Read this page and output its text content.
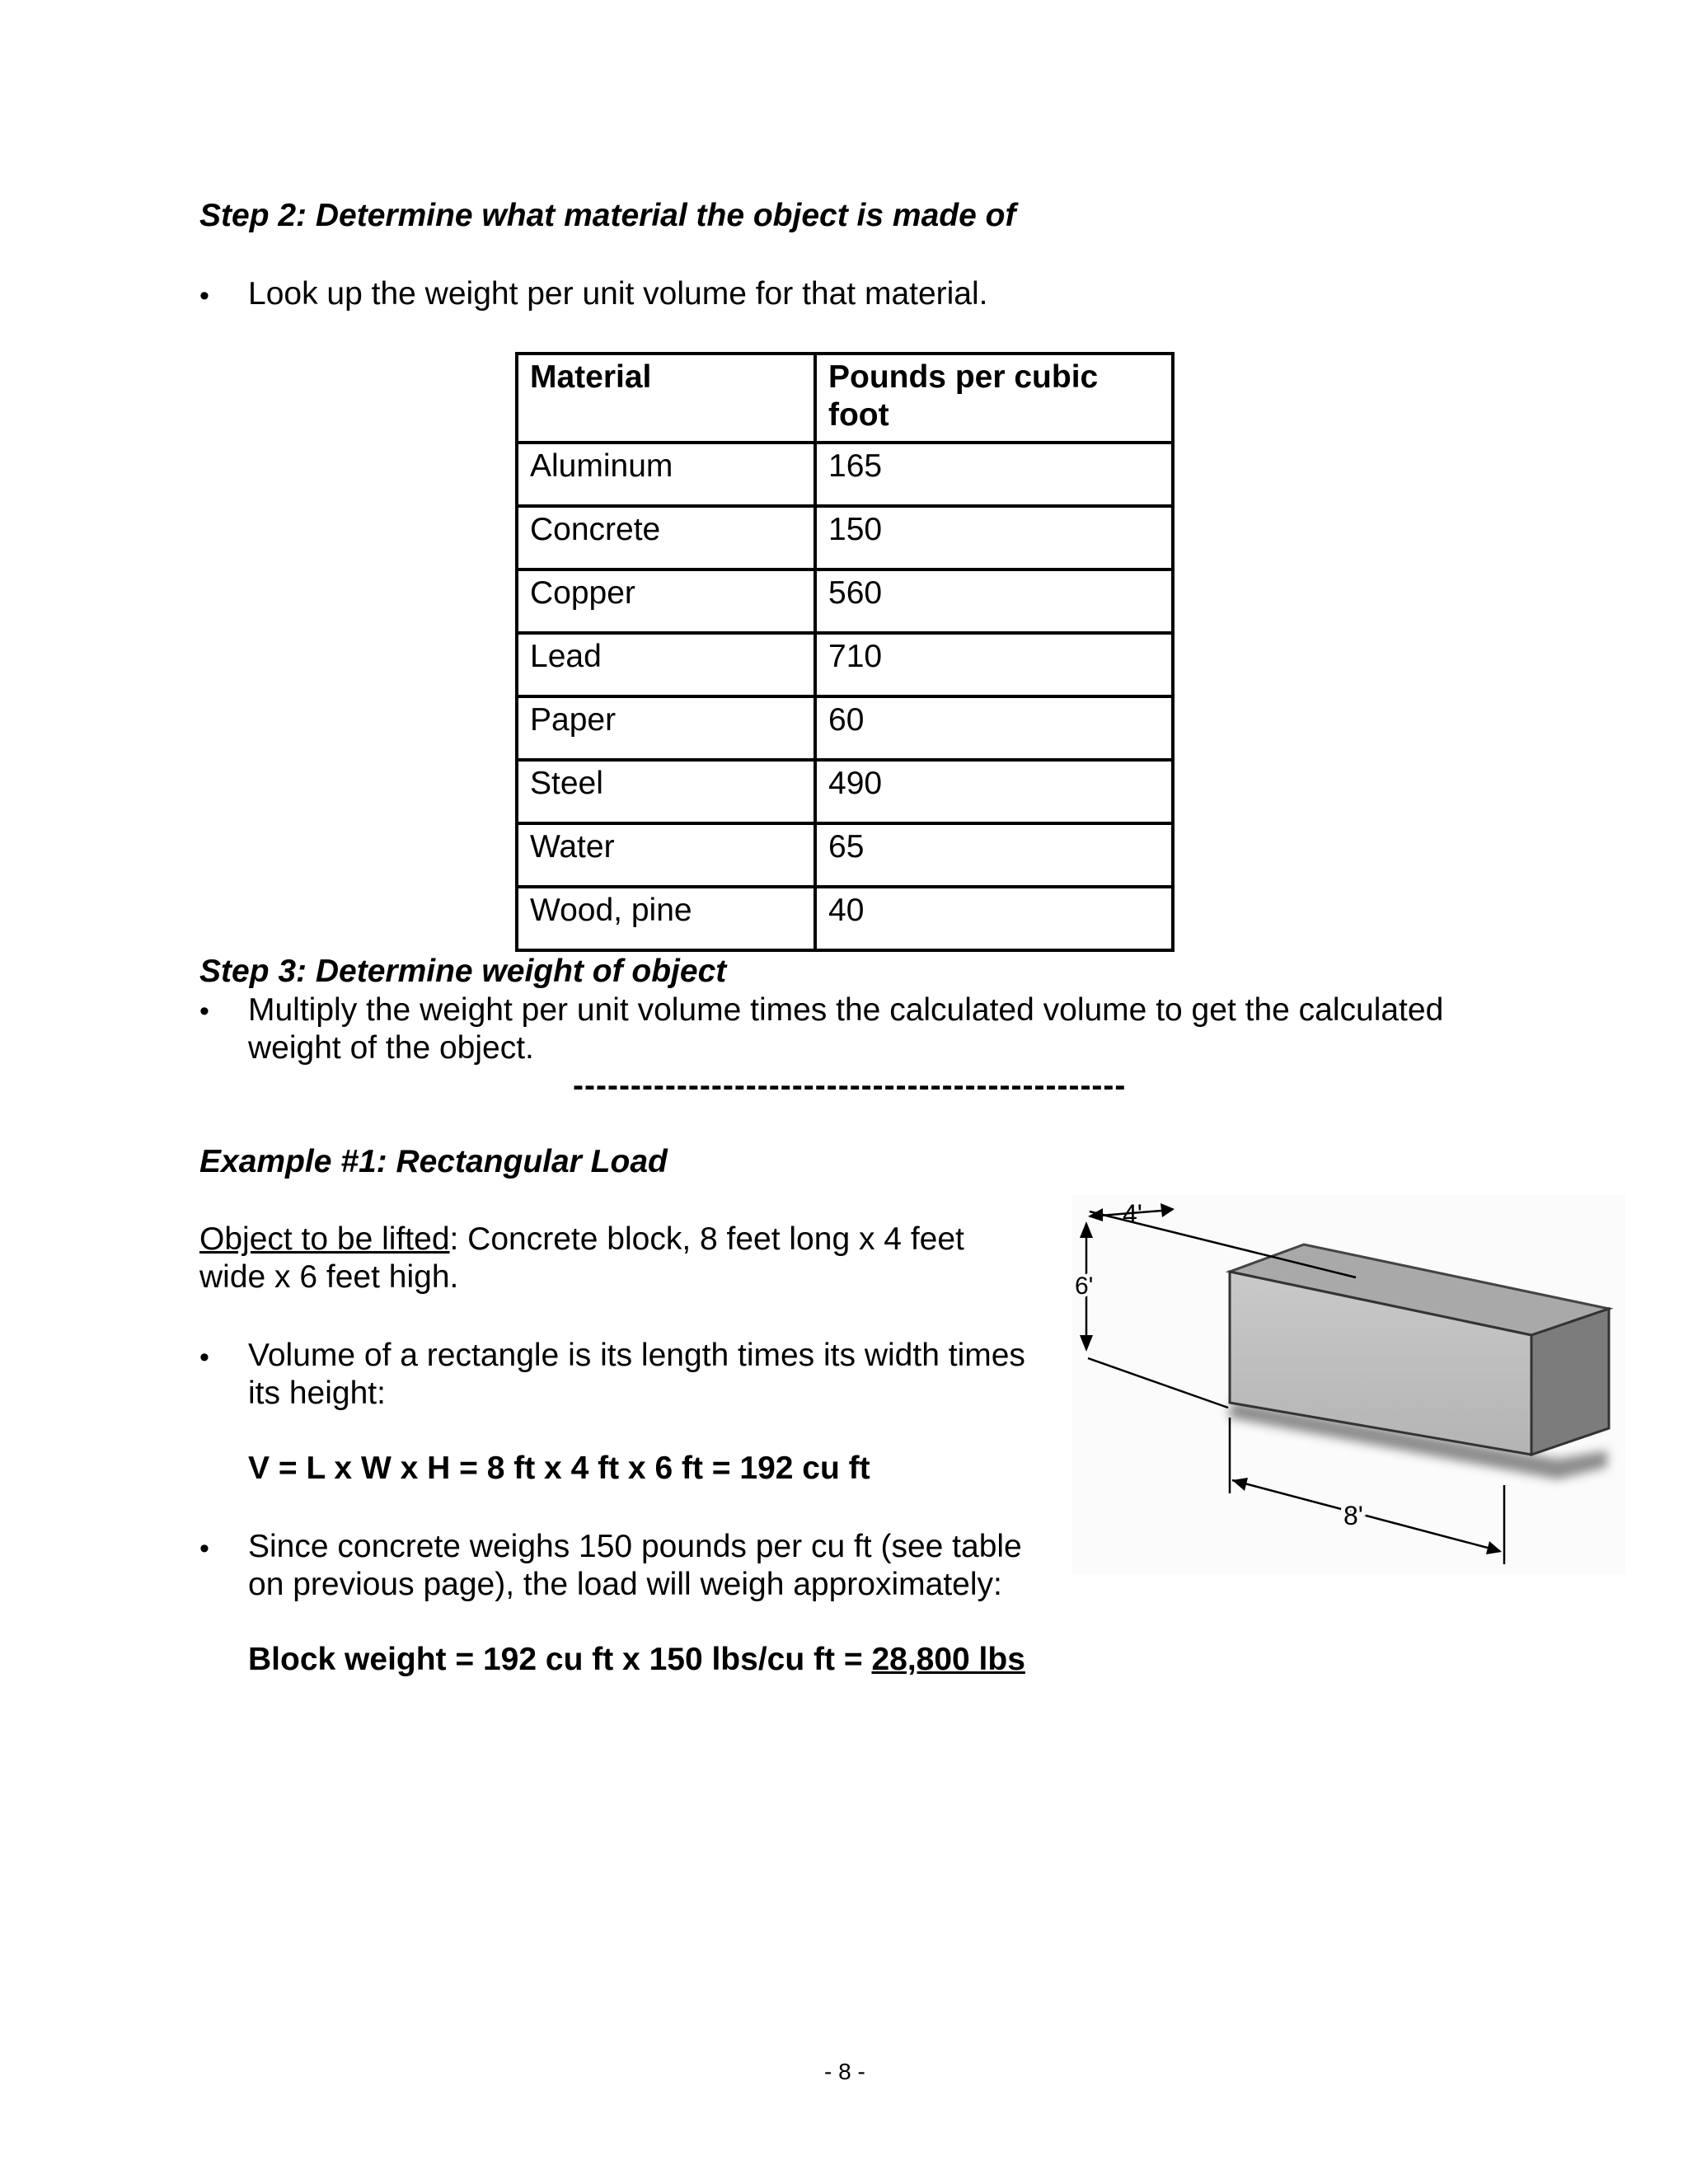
Step 2: Determine what material the object is made of
• Look up the weight per unit volume for that material.
Material	Pounds per cubic foot
Aluminum	165
Concrete	150
Copper	560
Lead	710
Paper	60
Steel	490
Water	65
Wood, pine	40
Step 3: Determine weight of object
• Multiply the weight per unit volume times the calculated volume to get the calculated
weight of the object.
------------------------------------------------
Example #1: Rectangular Load
Object to be lifted: Concrete block, 8 feet long x 4 feet
wide x 6 feet high.
• Volume of a rectangle is its length times its width times
its height:
V = L x W x H = 8 ft x 4 ft x 6 ft = 192 cu ft
• Since concrete weighs 150 pounds per cu ft (see table
on previous page), the load will weigh approximately:
Block weight = 192 cu ft x 150 lbs/cu ft = 28,800 lbs
4'
6'
8'
- 8 -
